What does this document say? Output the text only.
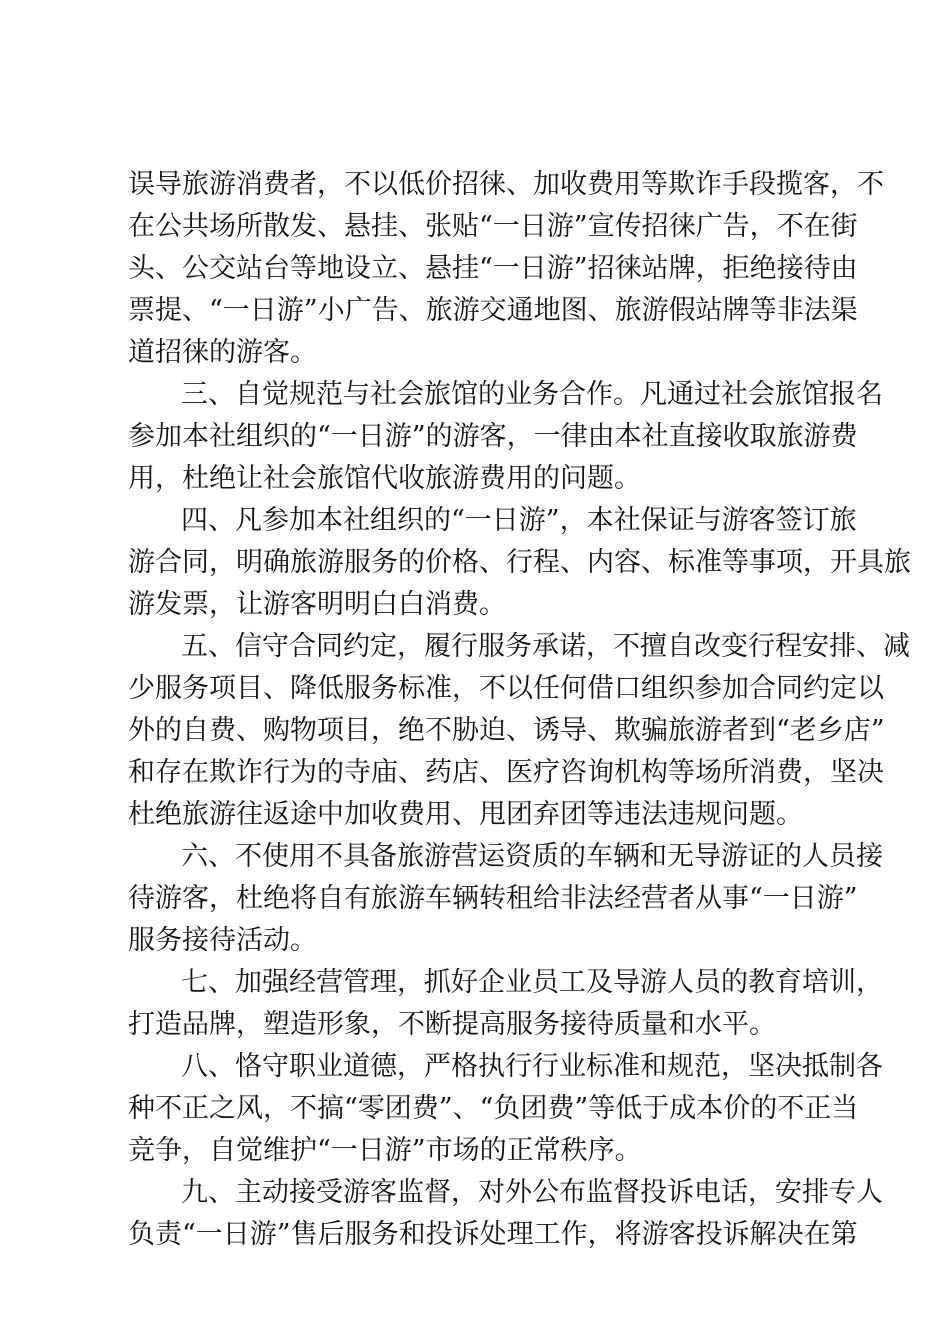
误导旅游消费者，不以低价招徕、加收费用等欺诈手段揽客，不
在公共场所散发、悬挂、张贴“一日游”宣传招徕广告，不在街
头、公交站台等地设立、悬挂“一日游”招徕站牌，拒绝接待由
票提、“一日游”小广告、旅游交通地图、旅游假站牌等非法渠
道招徕的游客。
三、自觉规范与社会旅馆的业务合作。凡通过社会旅馆报名
参加本社组织的“一日游”的游客，一律由本社直接收取旅游费
用，杜绝让社会旅馆代收旅游费用的问题。
四、凡参加本社组织的“一日游”，本社保证与游客签订旅
游合同，明确旅游服务的价格、行程、内容、标准等事项，开具旅
游发票，让游客明明白白消费。
五、信守合同约定，履行服务承诺，不擅自改变行程安排、减
少服务项目、降低服务标准，不以任何借口组织参加合同约定以
外的自费、购物项目，绝不胁迫、诱导、欺骗旅游者到“老乡店”
和存在欺诈行为的寺庙、药店、医疗咨询机构等场所消费，坚决
杜绝旅游往返途中加收费用、甩团弃团等违法违规问题。
六、不使用不具备旅游营运资质的车辆和无导游证的人员接
待游客，杜绝将自有旅游车辆转租给非法经营者从事“一日游”
服务接待活动。
七、加强经营管理，抓好企业员工及导游人员的教育培训，
打造品牌，塑造形象，不断提高服务接待质量和水平。
八、恪守职业道德，严格执行行业标准和规范，坚决抵制各
种不正之风，不搞“零团费”、“负团费”等低于成本价的不正当
竞争，自觉维护“一日游”市场的正常秩序。
九、主动接受游客监督，对外公布监督投诉电话，安排专人
负责“一日游”售后服务和投诉处理工作，将游客投诉解决在第
